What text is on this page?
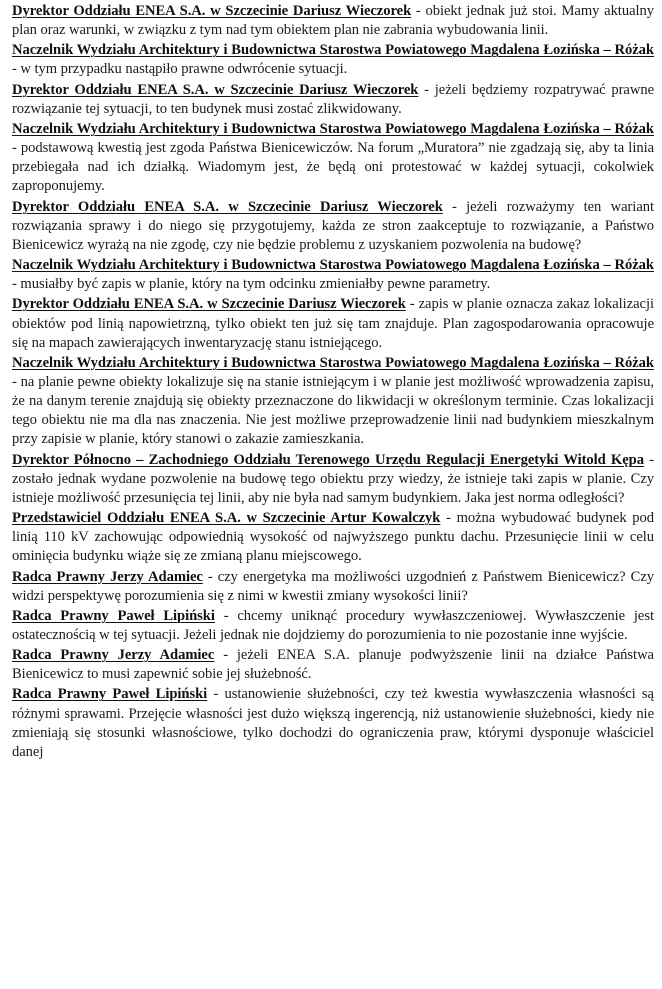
Dyrektor Oddziału ENEA S.A. w Szczecinie Dariusz Wieczorek - obiekt jednak już stoi. Mamy aktualny plan oraz warunki, w związku z tym nad tym obiektem plan nie zabrania wybudowania linii.

Naczelnik Wydziału Architektury i Budownictwa Starostwa Powiatowego Magdalena Łozińska – Różak - w tym przypadku nastąpiło prawne odwrócenie sytuacji.

Dyrektor Oddziału ENEA S.A. w Szczecinie Dariusz Wieczorek - jeżeli będziemy rozpatrywać prawne rozwiązanie tej sytuacji, to ten budynek musi zostać zlikwidowany.

Naczelnik Wydziału Architektury i Budownictwa Starostwa Powiatowego Magdalena Łozińska – Różak - podstawową kwestią jest zgoda Państwa Bienicewiczów. Na forum „Muratora” nie zgadzają się, aby ta linia przebiegała nad ich działką. Wiadomym jest, że będą oni protestować w każdej sytuacji, cokolwiek zaproponujemy.

Dyrektor Oddziału ENEA S.A. w Szczecinie Dariusz Wieczorek - jeżeli rozważymy ten wariant rozwiązania sprawy i do niego się przygotujemy, każda ze stron zaakceptuje to rozwiązanie, a Państwo Bienicewicz wyrażą na nie zgodę, czy nie będzie problemu z uzyskaniem pozwolenia na budowę?

Naczelnik Wydziału Architektury i Budownictwa Starostwa Powiatowego Magdalena Łozińska – Różak - musiałby być zapis w planie, który na tym odcinku zmieniałby pewne parametry.

Dyrektor Oddziału ENEA S.A. w Szczecinie Dariusz Wieczorek - zapis w planie oznacza zakaz lokalizacji obiektów pod linią napowietrzną, tylko obiekt ten już się tam znajduje. Plan zagospodarowania opracowuje się na mapach zawierających inwentaryzację stanu istniejącego.

Naczelnik Wydziału Architektury i Budownictwa Starostwa Powiatowego Magdalena Łozińska – Różak - na planie pewne obiekty lokalizuje się na stanie istniejącym i w planie jest możliwość wprowadzenia zapisu, że na danym terenie znajdują się obiekty przeznaczone do likwidacji w określonym terminie. Czas lokalizacji tego obiektu nie ma dla nas znaczenia. Nie jest możliwe przeprowadzenie linii nad budynkiem mieszkalnym przy zapisie w planie, który stanowi o zakazie zamieszkania.

Dyrektor Północno – Zachodniego Oddziału Terenowego Urzędu Regulacji Energetyki Witold Kępa - zostało jednak wydane pozwolenie na budowę tego obiektu przy wiedzy, że istnieje taki zapis w planie. Czy istnieje możliwość przesunięcia tej linii, aby nie była nad samym budynkiem. Jaka jest norma odległości?

Przedstawiciel Oddziału ENEA S.A. w Szczecinie Artur Kowalczyk - można wybudować budynek pod linią 110 kV zachowując odpowiednią wysokość od najwyższego punktu dachu. Przesunięcie linii w celu ominięcia budynku wiąże się ze zmianą planu miejscowego.

Radca Prawny Jerzy Adamiec - czy energetyka ma możliwości uzgodnień z Państwem Bienicewicz? Czy widzi perspektywę porozumienia się z nimi w kwestii zmiany wysokości linii?

Radca Prawny Paweł Lipiński - chcemy uniknąć procedury wywłaszczeniowej. Wywłaszczenie jest ostatecznością w tej sytuacji. Jeżeli jednak nie dojdziemy do porozumienia to nie pozostanie inne wyjście.

Radca Prawny Jerzy Adamiec - jeżeli ENEA S.A. planuje podwyższenie linii na działce Państwa Bienicewicz to musi zapewnić sobie jej służebność.

Radca Prawny Paweł Lipiński - ustanowienie służebności, czy też kwestia wywłaszczenia własności są różnymi sprawami. Przejęcie własności jest dużo większą ingerencją, niż ustanowienie służebności, kiedy nie zmieniają się stosunki własnościowe, tylko dochodzi do ograniczenia praw, którymi dysponuje właściciel danej
